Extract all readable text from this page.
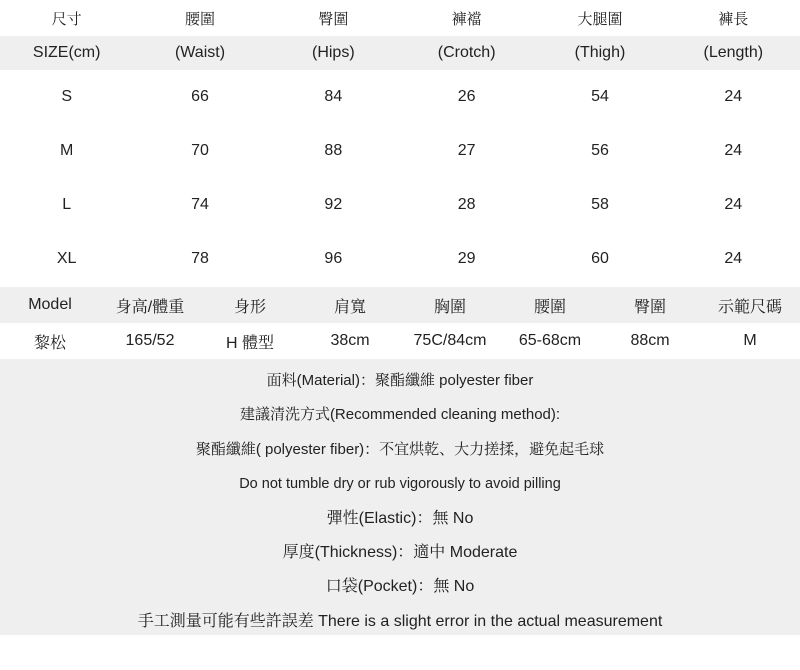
尺寸	腰圍	臀圍	褲襠	大腿圍	褲長
SIZE(cm)	(Waist)	(Hips)	(Crotch)	(Thigh)	(Length)
S	66	84	26	54	24
M	70	88	27	56	24
L	74	92	28	58	24
XL	78	96	29	60	24
Model	身高/體重	身形	肩寬	胸圍	腰圍	臀圍	示範尺碼
黎松	165/52	H 體型	38cm	75C/84cm	65-68cm	88cm	M
面料(Material)：聚酯纖維 polyester fiber
建議清洗方式(Recommended cleaning method):
聚酯纖維( polyester fiber)：不宜烘乾、大力搓揉，避免起毛球
Do not tumble dry or rub vigorously to avoid pilling
彈性(Elastic)：無 No
厚度(Thickness)：適中 Moderate
口袋(Pocket)：無 No
手工測量可能有些許誤差 There is a slight error in the actual measurement
